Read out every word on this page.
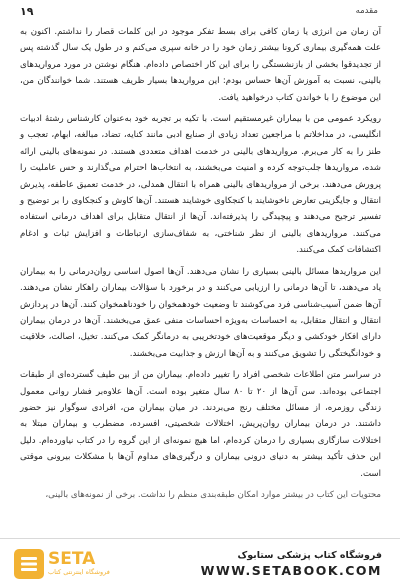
۱۹	مقدمه

آن زمان من انرژی یا زمان کافی برای بسط تفکر موجود در این کلمات قصار را نداشتم. اکنون به علت همه‌گیری بیماری کرونا بیشتر زمان خود را در خانه سپری می‌کنم و در طول یک سال گذشته پس از تجدیدقوا بخشی از بازنشستگی را برای این کار اختصاص داده‌ام. هنگام نوشتن در مورد مرواریدهای بالینی، نسبت به آموزش آن‌ها حساس بودم: این مرواریدها بسیار ظریف هستند. شما خوانندگان من، این موضوع را با خواندن کتاب درخواهید یافت.

رویکرد عمومی من با بیماران غیرمستقیم است. با تکیه بر تجربه خود به‌عنوان کارشناس رشتهٔ ادبیات انگلیسی، در مداخلاتم با مراجعین تعداد زیادی از صنایع ادبی مانند کنایه، تضاد، مبالغه، ابهام، تعجب و طنز را به کار می‌برم. مرواریدهای بالینی در خدمت اهداف متعددی هستند. در نمونه‌های بالینی ارائه شده، مرواریدها جلب‌توجه کرده و امنیت می‌بخشند، به انتخاب‌ها احترام می‌گذارند و حس عاملیت را پرورش می‌دهند. برخی از مرواریدهای بالینی همراه با انتقال همدلی، در خدمت تعمیق عاطفه، پذیرش انتقال و جایگزینی تعارض ناخوشایند با کنجکاوی خوشایند هستند. آن‌ها کاوش و کنجکاوی را بر توضیح و تفسیر ترجیح می‌دهند و پیچیدگی را پذیرفته‌اند. آن‌ها از انتقال متقابل برای اهداف درمانی استفاده می‌کنند. مرواریدهای بالینی از نظر شناختی، به شفاف‌سازی ارتباطات و افزایش ثبات و ادغام اکتشافات کمک می‌کنند.

این مرواریدها مسائل بالینی بسیاری را نشان می‌دهند. آن‌ها اصول اساسی روان‌درمانی را به بیماران یاد می‌دهند، تا آن‌ها درمانی را ارزیابی می‌کنند و در برخورد با سؤالات بیماران راهکار نشان می‌دهند. آن‌ها ضمن آسیب‌شناسی فرد می‌کوشند تا وضعیت خودهمخوان را خودناهمخوان کنند. آن‌ها در پردازش انتقال و انتقال متقابل، به احساسات به‌ویژه احساسات منفی عمق می‌بخشند. آن‌ها در درمان بیماران دارای افکار خودکشی و دیگر موقعیت‌های خودتخریبی به درمانگر کمک می‌کنند. تخیل، اصالت، خلاقیت و خودانگیختگی را تشویق می‌کنند و به آن‌ها ارزش و جذابیت می‌بخشند.

در سراسر متن اطلاعات شخصی افراد را تغییر داده‌ام. بیماران من از بین طیف گسترده‌ای از طبقات اجتماعی بوده‌اند. سن آن‌ها از ۲۰ تا ۸۰ سال متغیر بوده است. آن‌ها علاوه‌بر فشار روانی معمول زندگی روزمره، از مسائل مختلف رنج می‌بردند. در میان بیماران من، افرادی سوگوار نیز حضور داشتند. در درمان بیماران روان‌پریش، اختلالات شخصیتی، افسرده، مضطرب و بیماران مبتلا به اختلالات سازگاری بسیاری را درمان کرده‌ام، اما هیچ نمونه‌ای از این گروه را در کتاب نیاورده‌ام. دلیل این حذف تأکید بیشتر به دنیای درونی بیماران و درگیری‌های مداوم آن‌ها با مشکلات بیرونی موقتی است.

محتویات این کتاب در بیشتر موارد امکان طبقه‌بندی منظم را نداشت. برخی از نمونه‌های بالینی،

SETA
فروشگاه اینترنتی کتاب
فروشگاه کتاب پزشکی ستابوک
WWW.SETABOOK.COM
